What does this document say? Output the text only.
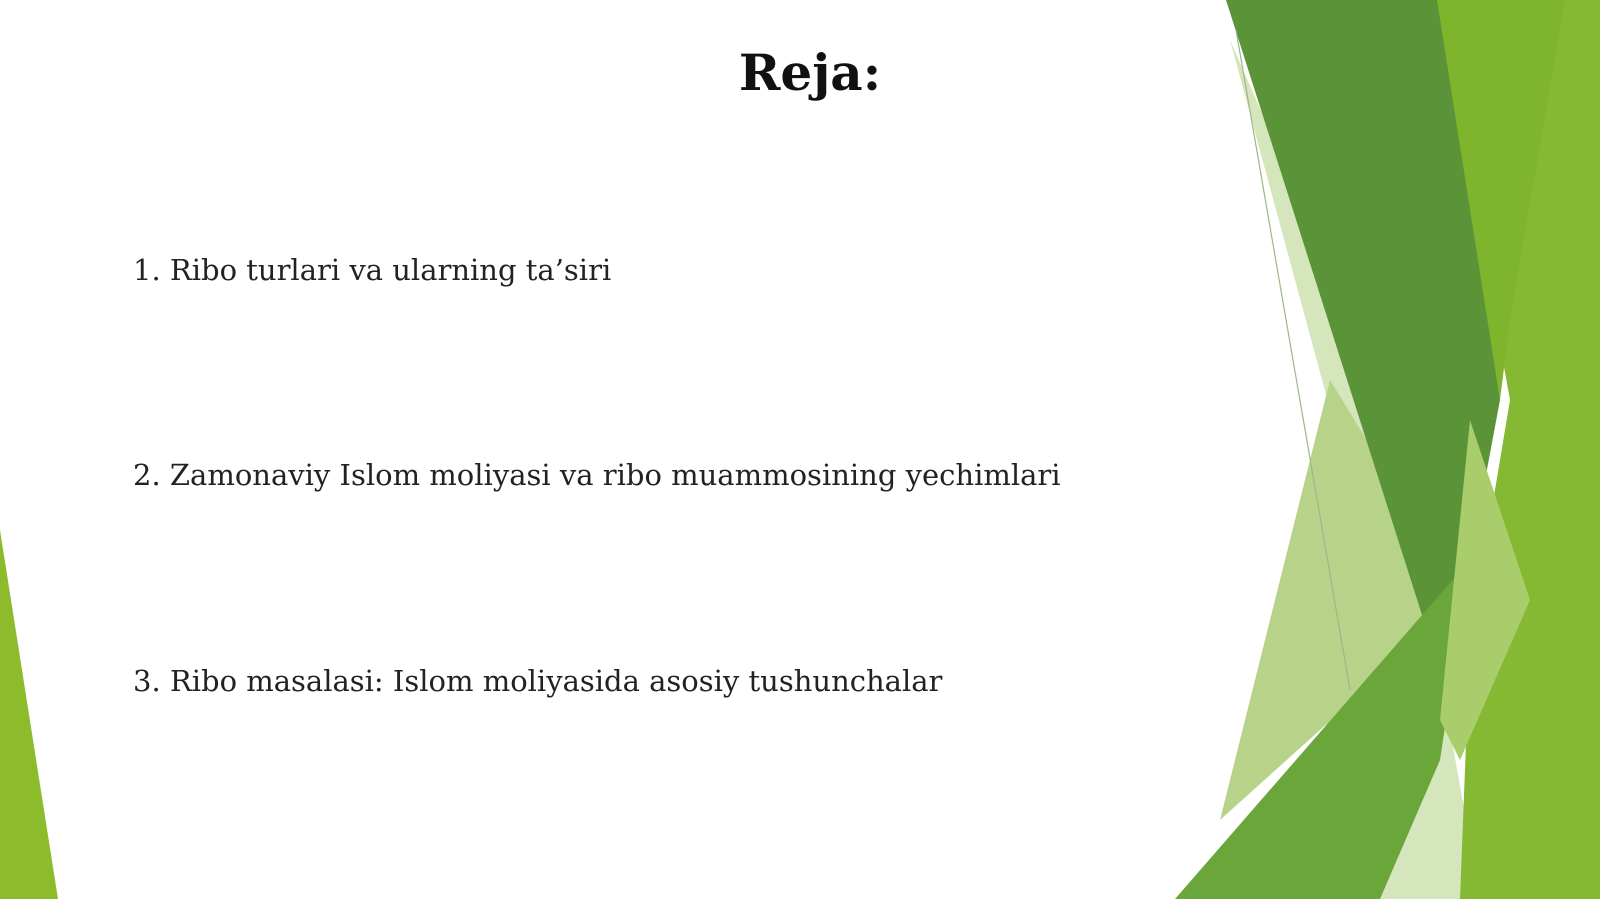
Reja:
1. Ribo turlari va ularning ta’siri
2. Zamonaviy Islom moliyasi va ribo muammosining yechimlari
3. Ribo masalasi: Islom moliyasida asosiy tushunchalar
